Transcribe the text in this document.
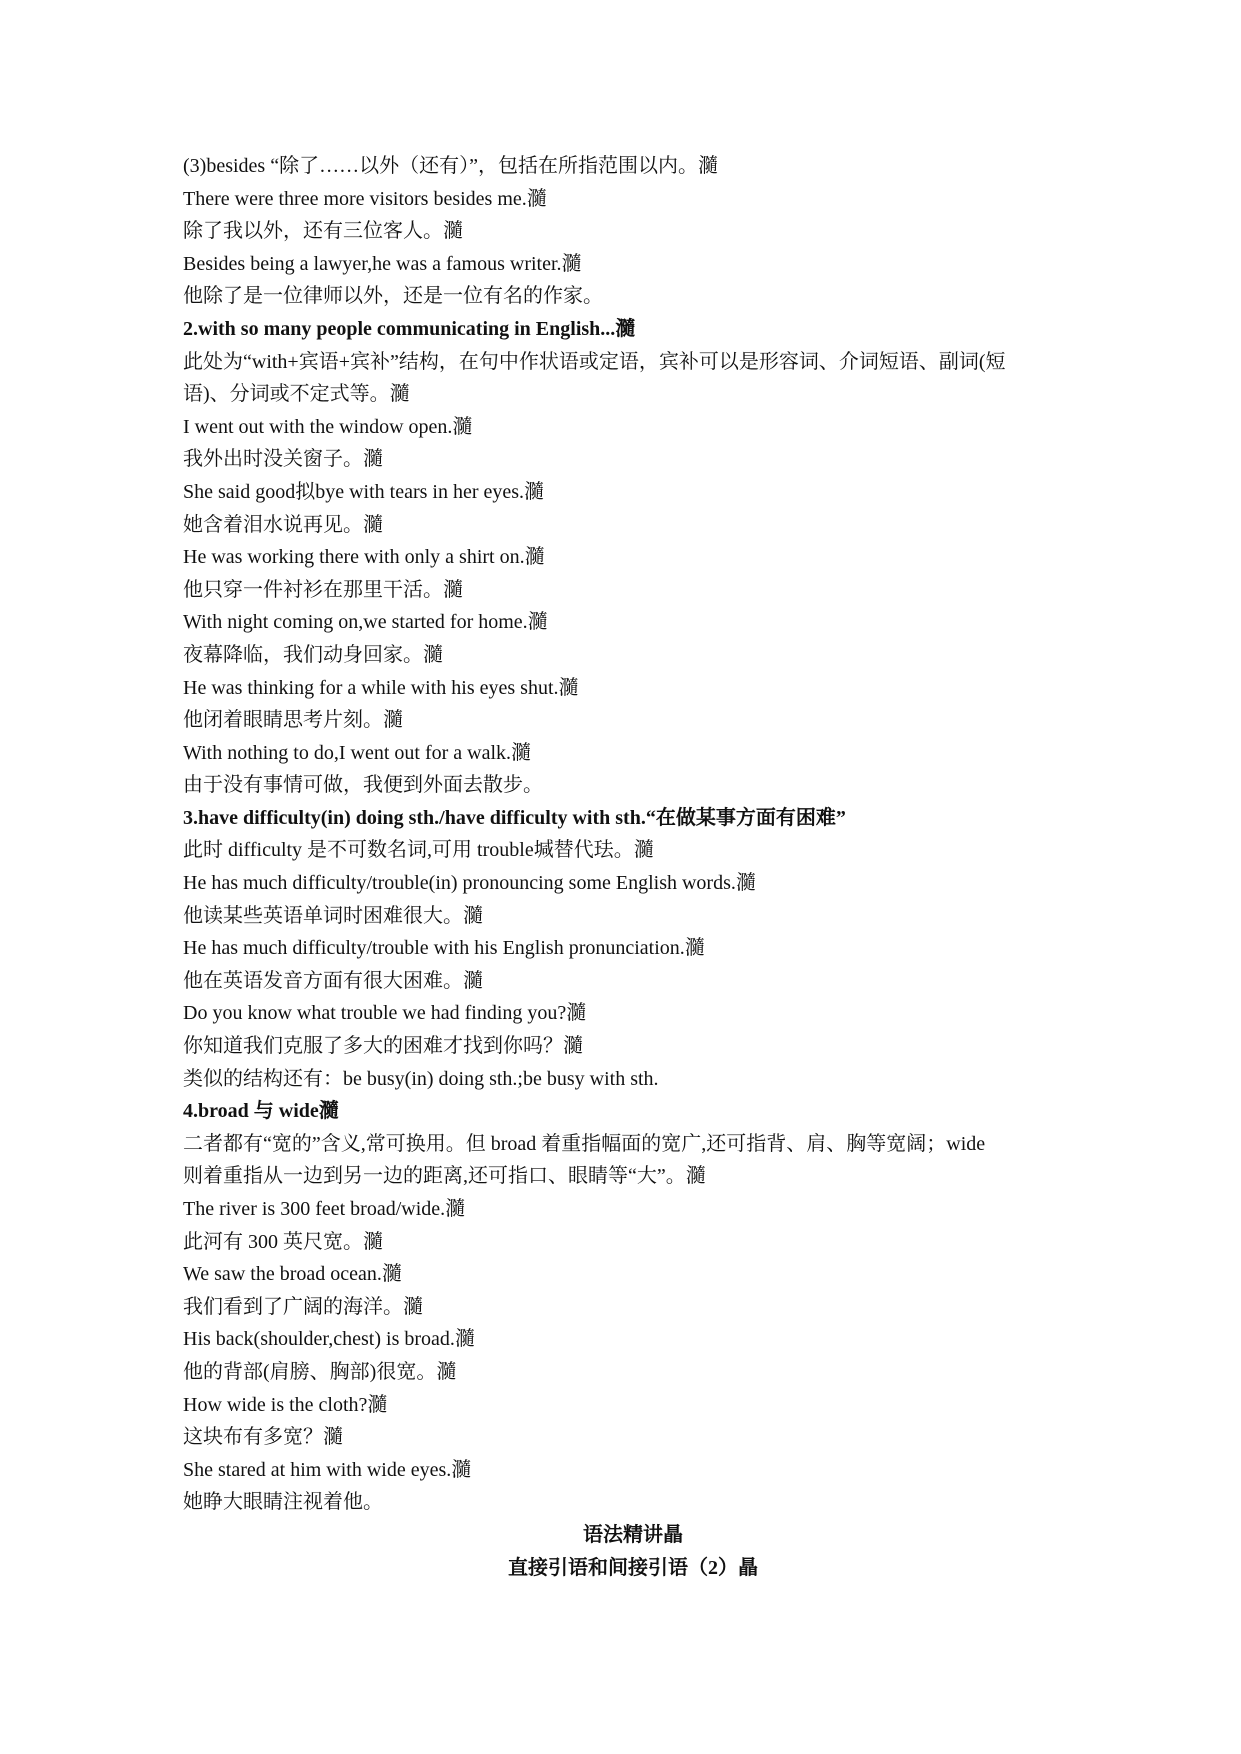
(3)besides “除了……以外（还有）”，包括在所指范围以内。瀡
There were three more visitors besides me.瀡
除了我以外，还有三位客人。瀡
Besides being a lawyer,he was a famous writer.瀡
他除了是一位律师以外，还是一位有名的作家。
2.with so many people communicating in English...瀡
此处为“with+宾语+宾补”结构，在句中作状语或定语，宾补可以是形容词、介词短语、副词(短
语)、分词或不定式等。瀡
I went out with the window open.瀡
我外出时没关窗子。瀡
She said good拟bye with tears in her eyes.瀡
她含着泪水说再见。瀡
He was working there with only a shirt on.瀡
他只穿一件衬衫在那里干活。瀡
With night coming on,we started for home.瀡
夜幕降临，我们动身回家。瀡
He was thinking for a while with his eyes shut.瀡
他闭着眼睛思考片刻。瀡
With nothing to do,I went out for a walk.瀡
由于没有事情可做，我便到外面去散步。
3.have difficulty(in) doing sth./have difficulty with sth.“在做某事方面有困难”
此时 difficulty 是不可数名词,可用 trouble堿替代珐。瀡
He has much difficulty/trouble(in) pronouncing some English words.瀡
他读某些英语单词时困难很大。瀡
He has much difficulty/trouble with his English pronunciation.瀡
他在英语发音方面有很大困难。瀡
Do you know what trouble we had finding you?瀡
你知道我们克服了多大的困难才找到你吗？瀡
类似的结构还有：be busy(in) doing sth.;be busy with sth.
4.broad 与 wide瀡
二者都有“宽的”含义,常可换用。但 broad 着重指幅面的宽广,还可指背、肩、胸等宽阔；wide
则着重指从一边到另一边的距离,还可指口、眼睛等“大”。瀡
The river is 300 feet broad/wide.瀡
此河有 300 英尺宽。瀡
We saw the broad ocean.瀡
我们看到了广阔的海洋。瀡
His back(shoulder,chest) is broad.瀡
他的背部(肩膀、胸部)很宽。瀡
How wide is the cloth?瀡
这块布有多宽？瀡
She stared at him with wide eyes.瀡
她睁大眼睛注视着他。
语法精讲瞐
直接引语和间接引语（2）瞐
